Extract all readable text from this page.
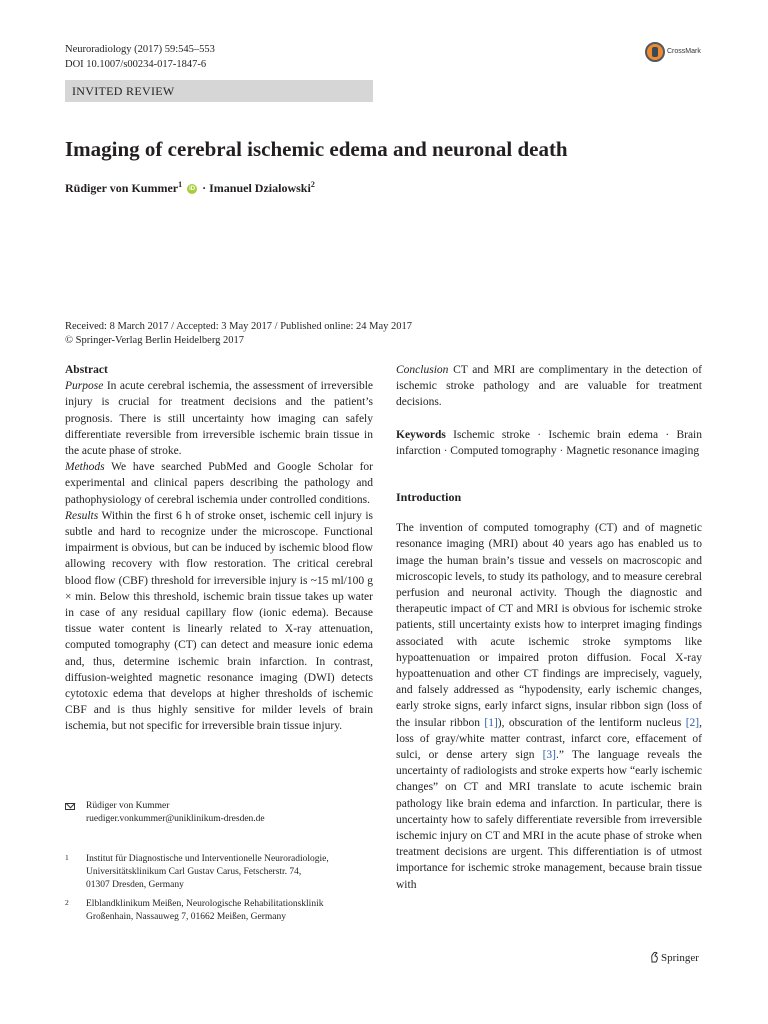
Neuroradiology (2017) 59:545–553
DOI 10.1007/s00234-017-1847-6
CrossMark
INVITED REVIEW
Imaging of cerebral ischemic edema and neuronal death
Rüdiger von Kummer$^1$ iD · Imanuel Dzialowski$^2$
Received: 8 March 2017 / Accepted: 3 May 2017 / Published online: 24 May 2017
© Springer-Verlag Berlin Heidelberg 2017

Abstract

Purpose In acute cerebral ischemia, the assessment of irreversible injury is crucial for treatment decisions and the patient’s prognosis. There is still uncertainty how imaging can safely differentiate reversible from irreversible ischemic brain tissue in the acute phase of stroke.

Methods We have searched PubMed and Google Scholar for experimental and clinical papers describing the pathology and pathophysiology of cerebral ischemia under controlled conditions.

Results Within the first 6 h of stroke onset, ischemic cell injury is subtle and hard to recognize under the microscope. Functional impairment is obvious, but can be induced by ischemic blood flow allowing recovery with flow restoration. The critical cerebral blood flow (CBF) threshold for irreversible injury is ~15 ml/100 g × min. Below this threshold, ischemic brain tissue takes up water in case of any residual capillary flow (ionic edema). Because tissue water content is linearly related to X-ray attenuation, computed tomography (CT) can detect and measure ionic edema and, thus, determine ischemic brain infarction. In contrast, diffusion-weighted magnetic resonance imaging (DWI) detects cytotoxic edema that develops at higher thresholds of ischemic CBF and is thus highly sensitive for milder levels of brain ischemia, but not specific for irreversible brain tissue injury.

Rüdiger von Kummer
ruediger.vonkummer@uniklinikum-dresden.de
1 Institut für Diagnostische und Interventionelle Neuroradiologie,
Universitätsklinikum Carl Gustav Carus, Fetscherstr. 74,
01307 Dresden, Germany
2 Elblandklinikum Meißen, Neurologische Rehabilitationsklinik
Großenhain, Nassauweg 7, 01662 Meißen, Germany

Conclusion CT and MRI are complimentary in the detection of ischemic stroke pathology and are valuable for treatment decisions.

Keywords Ischemic stroke · Ischemic brain edema · Brain infarction · Computed tomography · Magnetic resonance imaging

Introduction

The invention of computed tomography (CT) and of magnetic resonance imaging (MRI) about 40 years ago has enabled us to image the human brain’s tissue and vessels on macroscopic and microscopic levels, to study its pathology, and to measure cerebral perfusion and neuronal activity. Though the diagnostic and therapeutic impact of CT and MRI is obvious for ischemic stroke patients, still uncertainty exists how to interpret imaging findings associated with acute ischemic stroke symptoms like hypoattenuation or impaired proton diffusion. Focal X-ray hypoattenuation and other CT findings are imprecisely, vaguely, and falsely addressed as “hypodensity, early ischemic changes, early stroke signs, early infarct signs, insular ribbon sign (loss of the insular ribbon [1]), obscuration of the lentiform nucleus [2], loss of gray/white matter contrast, infarct core, effacement of sulci, or dense artery sign [3].” The language reveals the uncertainty of radiologists and stroke experts how “early ischemic changes” on CT and MRI translate to acute ischemic brain pathology like brain edema and infarction. In particular, there is uncertainty how to safely differentiate reversible from irreversible ischemic injury on CT and MRI in the acute phase of stroke when treatment decisions are urgent. This differentiation is of utmost importance for ischemic stroke management, because brain tissue with

Springer
